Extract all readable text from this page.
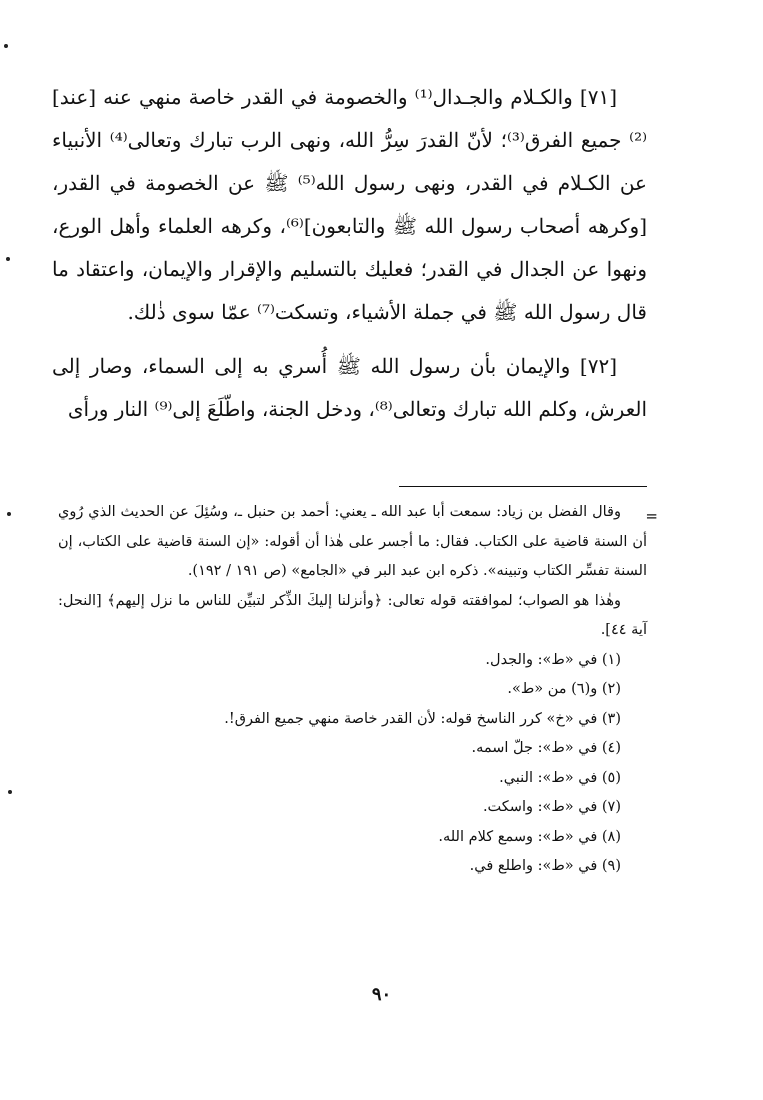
[٧١] والكـلام والجـدال⁽¹⁾ والخصومة في القدر خاصة منهي عنه [عند]⁽²⁾ جميع الفرق⁽³⁾؛ لأنّ القدرَ سِرُّ الله، ونهى الرب تبارك وتعالى⁽⁴⁾ الأنبياء عن الكـلام في القدر، ونهى رسول الله⁽⁵⁾ ﷺ عن الخصومة في القدر، [وكرهه أصحاب رسول الله ﷺ والتابعون]⁽⁶⁾، وكرهه العلماء وأهل الورع، ونهوا عن الجدال في القدر؛ فعليك بالتسليم والإقرار والإيمان، واعتقاد ما قال رسول الله ﷺ في جملة الأشياء، وتسكت⁽⁷⁾ عمّا سوى ذٰلك.

[٧٢] والإيمان بأن رسول الله ﷺ أُسري به إلى السماء، وصار إلى العرش، وكلم الله تبارك وتعالى⁽⁸⁾، ودخل الجنة، واطّلَعَ إلى⁽⁹⁾ النار ورأى

=

وقال الفضل بن زياد: سمعت أبا عبد الله ـ يعني: أحمد بن حنبل ـ، وسُئِلَ عن الحديث الذي رُوي أن السنة قاضية على الكتاب. فقال: ما أجسر على هٰذا أن أقوله: «إن السنة قاضية على الكتاب، إن السنة تفسِّر الكتاب وتبينه». ذكره ابن عبد البر في «الجامع» (ص ١٩١ / ١٩٢).

وهٰذا هو الصواب؛ لموافقته قوله تعالى: ﴿وأنزلنا إليكَ الذِّكر لتبيِّن للناس ما نزل إليهم﴾ [النحل: آية ٤٤].

(١) في «ط»: والجدل.
(٢) و(٦) من «ط».
(٣) في «خ» كرر الناسخ قوله: لأن القدر خاصة منهي جميع الفرق!.
(٤) في «ط»: جلّ اسمه.
(٥) في «ط»: النبي.
(٧) في «ط»: واسكت.
(٨) في «ط»: وسمع كلام الله.
(٩) في «ط»: واطلع في.
٩٠
